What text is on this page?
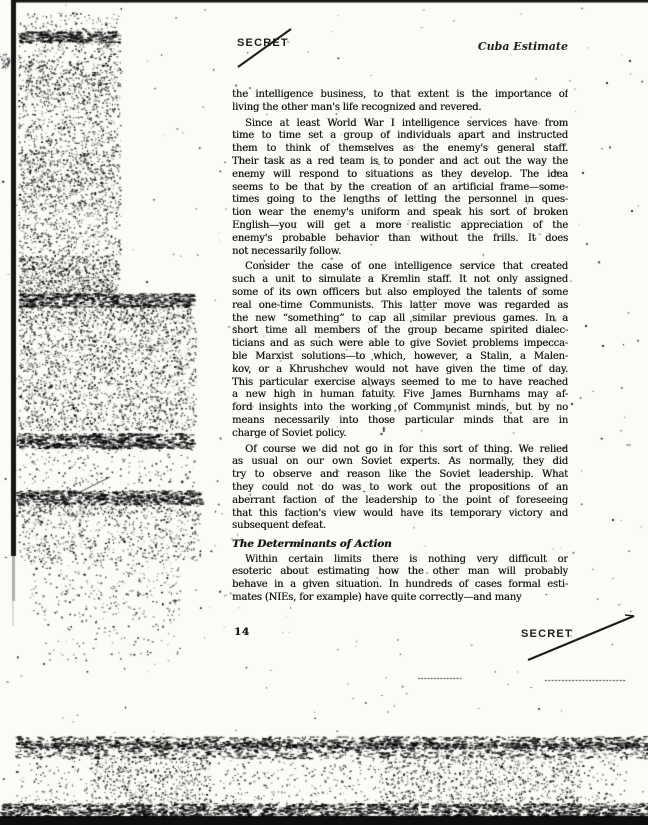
SECRET	Cuba Estimate
the intelligence business, to that extent is the importance of
living the other man's life recognized and revered.
Since at least World War I intelligence services have from
time to time set a group of individuals apart and instructed
them to think of themselves as the enemy's general staff.
Their task as a red team is to ponder and act out the way the
enemy will respond to situations as they develop. The idea
seems to be that by the creation of an artificial frame—some-
times going to the lengths of letting the personnel in ques-
tion wear the enemy's uniform and speak his sort of broken
English—you will get a more realistic appreciation of the
enemy's probable behavior than without the frills. It does
not necessarily follow.
Consider the case of one intelligence service that created
such a unit to simulate a Kremlin staff. It not only assigned
some of its own officers but also employed the talents of some
real one-time Communists. This latter move was regarded as
the new “something” to cap all similar previous games. In a
short time all members of the group became spirited dialec-
ticians and as such were able to give Soviet problems impecca-
ble Marxist solutions—to which, however, a Stalin, a Malen-
kov, or a Khrushchev would not have given the time of day.
This particular exercise always seemed to me to have reached
a new high in human fatuity. Five James Burnhams may af-
ford insights into the working of Communist minds, but by no
means necessarily into those particular minds that are in
charge of Soviet policy.
Of course we did not go in for this sort of thing. We relied
as usual on our own Soviet experts. As normally, they did
try to observe and reason like the Soviet leadership. What
they could not do was to work out the propositions of an
aberrant faction of the leadership to the point of foreseeing
that this faction's view would have its temporary victory and
subsequent defeat.
The Determinants of Action
Within certain limits there is nothing very difficult or
esoteric about estimating how the other man will probably
behave in a given situation. In hundreds of cases formal esti-
mates (NIEs, for example) have quite correctly—and many
14	SECRET
